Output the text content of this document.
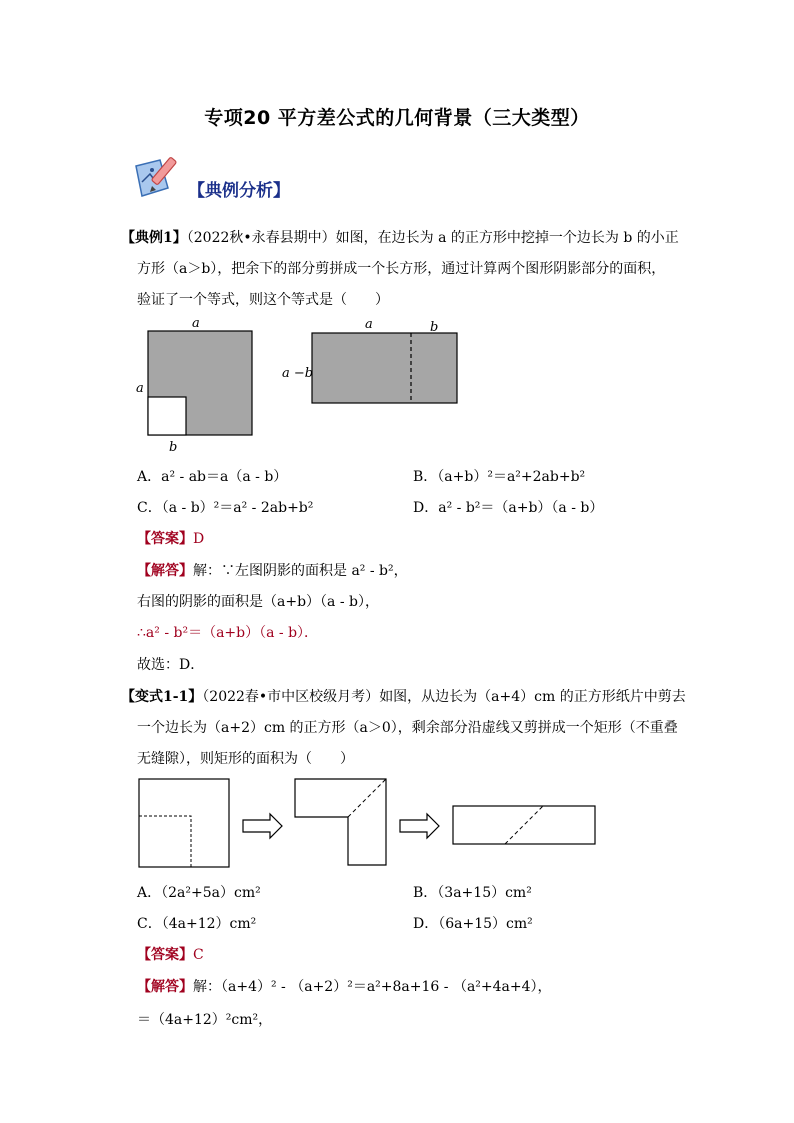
专项20 平方差公式的几何背景（三大类型）
【典例分析】
【典例1】（2022秋•永春县期中）如图，在边长为 a 的正方形中挖掉一个边长为 b 的小正
方形（a＞b），把余下的部分剪拼成一个长方形，通过计算两个图形阴影部分的面积，
验证了一个等式，则这个等式是（　　）
a
a
b
a	b
a −b
A．a² - ab＝a（a - b）	B．（a+b）²＝a²+2ab+b²
C．（a - b）²＝a² - 2ab+b²	D．a² - b²＝（a+b）（a - b）
【答案】D
【解答】解：∵左图阴影的面积是 a² - b²，
右图的阴影的面积是（a+b）（a - b），
∴a² - b²＝（a+b）（a - b）．
故选：D．
【变式1-1】（2022春•市中区校级月考）如图，从边长为（a+4）cm 的正方形纸片中剪去
一个边长为（a+2）cm 的正方形（a＞0），剩余部分沿虚线又剪拼成一个矩形（不重叠
无缝隙），则矩形的面积为（　　）
A．（2a²+5a）cm²	B．（3a+15）cm²
C．（4a+12）cm²	D．（6a+15）cm²
【答案】C
【解答】解：（a+4）² - （a+2）²＝a²+8a+16 - （a²+4a+4），
＝（4a+12）²cm²，
